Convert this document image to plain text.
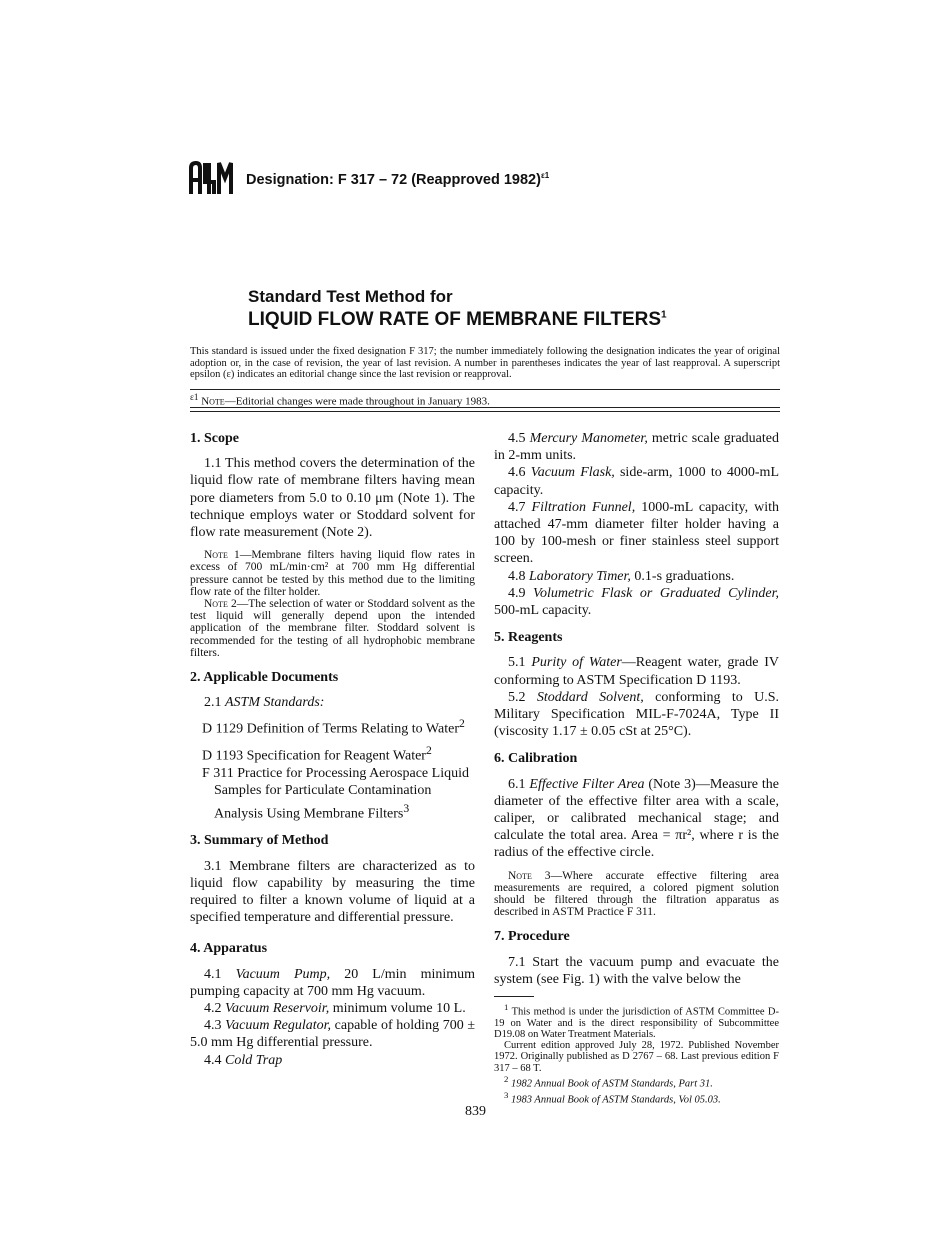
Designation: F 317 – 72 (Reapproved 1982)$^{\varepsilon 1}$
Standard Test Method for
LIQUID FLOW RATE OF MEMBRANE FILTERS$^1$
This standard is issued under the fixed designation F 317; the number immediately following the designation indicates the year of original adoption or, in the case of revision, the year of last revision. A number in parentheses indicates the year of last reapproval. A superscript epsilon (ε) indicates an editorial change since the last revision or reapproval.
$^{\varepsilon 1}$ Note—Editorial changes were made throughout in January 1983.

1. Scope

1.1 This method covers the determination of the liquid flow rate of membrane filters having mean pore diameters from 5.0 to 0.10 μm (Note 1). The technique employs water or Stoddard solvent for flow rate measurement (Note 2).

Note 1—Membrane filters having liquid flow rates in excess of 700 mL/min·cm² at 700 mm Hg differential pressure cannot be tested by this method due to the limiting flow rate of the filter holder.

Note 2—The selection of water or Stoddard solvent as the test liquid will generally depend upon the intended application of the membrane filter. Stoddard solvent is recommended for the testing of all hydrophobic membrane filters.

2. Applicable Documents

2.1 ASTM Standards:

D 1129 Definition of Terms Relating to Water$^2$

D 1193 Specification for Reagent Water$^2$

F 311 Practice for Processing Aerospace Liquid Samples for Particulate Contamination Analysis Using Membrane Filters$^3$

3. Summary of Method

3.1 Membrane filters are characterized as to liquid flow capability by measuring the time required to filter a known volume of liquid at a specified temperature and differential pressure.

4. Apparatus

4.1 Vacuum Pump, 20 L/min minimum pumping capacity at 700 mm Hg vacuum.

4.2 Vacuum Reservoir, minimum volume 10 L.

4.3 Vacuum Regulator, capable of holding 700 ± 5.0 mm Hg differential pressure.

4.4 Cold Trap

4.5 Mercury Manometer, metric scale graduated in 2-mm units.

4.6 Vacuum Flask, side-arm, 1000 to 4000-mL capacity.

4.7 Filtration Funnel, 1000-mL capacity, with attached 47-mm diameter filter holder having a 100 by 100-mesh or finer stainless steel support screen.

4.8 Laboratory Timer, 0.1-s graduations.

4.9 Volumetric Flask or Graduated Cylinder, 500-mL capacity.

5. Reagents

5.1 Purity of Water—Reagent water, grade IV conforming to ASTM Specification D 1193.

5.2 Stoddard Solvent, conforming to U.S. Military Specification MIL-F-7024A, Type II (viscosity 1.17 ± 0.05 cSt at 25°C).

6. Calibration

6.1 Effective Filter Area (Note 3)—Measure the diameter of the effective filter area with a scale, caliper, or calibrated mechanical stage; and calculate the total area. Area = πr², where r is the radius of the effective circle.

Note 3—Where accurate effective filtering area measurements are required, a colored pigment solution should be filtered through the filtration apparatus as described in ASTM Practice F 311.

7. Procedure

7.1 Start the vacuum pump and evacuate the system (see Fig. 1) with the valve below the

$^1$ This method is under the jurisdiction of ASTM Committee D-19 on Water and is the direct responsibility of Subcommittee D19.08 on Water Treatment Materials.

Current edition approved July 28, 1972. Published November 1972. Originally published as D 2767 – 68. Last previous edition F 317 – 68 T.

$^2$ 1982 Annual Book of ASTM Standards, Part 31.

$^3$ 1983 Annual Book of ASTM Standards, Vol 05.03.

839
